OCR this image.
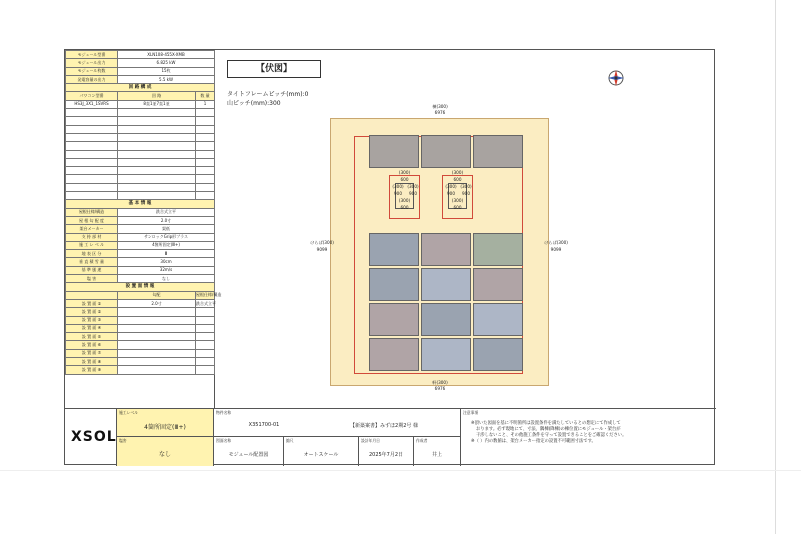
モジュール型番	XLN108-455X-XMB	
モジュール出力	6.825 kW	
モジュール枚数	15枚	
発電容量の出力	5.5 kW	
回 路 構 成		
パワコン型番	回 路	数 量
HS3J_3X1_1SVRS	8直1並7直1並	1

基 本 情 報		
屋根仕様/構造	鉄合式立平	
屋 根 勾 配 度	2.0寸	
架台メーカー	架低	
支 持 部 材	サンロックGrip形プラス	
施 工 レ ベ ル	4箇所固定(Ⅲ+)	
地 表 区 分	Ⅲ	
垂 直 積 雪 量	30cm	
基 準 風 速	32m/s	
塩 害	なし	
設 置 面 情 報		
	勾配	屋根仕様/構造
設 置 面 ①	2.0寸	鉄合式立平
設 置 面 ②		
設 置 面 ③		
設 置 面 ④		
設 置 面 ⑤		
設 置 面 ⑥		
設 置 面 ⑦		
設 置 面 ⑧		
設 置 面 ⑨		
【伏図】
タイトフレームピッチ(mm):0
山ピッチ(mm):300	棟(300)
6976
(300)
600
(300) (300)
900	900
(300)
600
(300)
600
(300) (300)
900	900
(300)
600
けらば(300)
9099
けらば(300)
9099
軒(300)
6976
XSOL
施工レベル
4箇所固定(Ⅲ+)
塩害
なし
物件名称
X351700-01	【新築案書】みずほ2期2号 様
図面名称
モジュール配置図
縮尺
オートスケール
設計年月日
2025年7月2日
作成者
井上
注意事項
※頂いた図面を基に不明箇所は設置条件を満たしているとの想定にて作成して
おります。必ず現地にて、寸法、隅棟(降棟)の棟位置にモジュール・架台が
干渉しないこと、その他施工条件を守って設置できることをご確認ください。
※（ ）内の数値は、架台メーカー指定の設置不可範囲寸法です。
